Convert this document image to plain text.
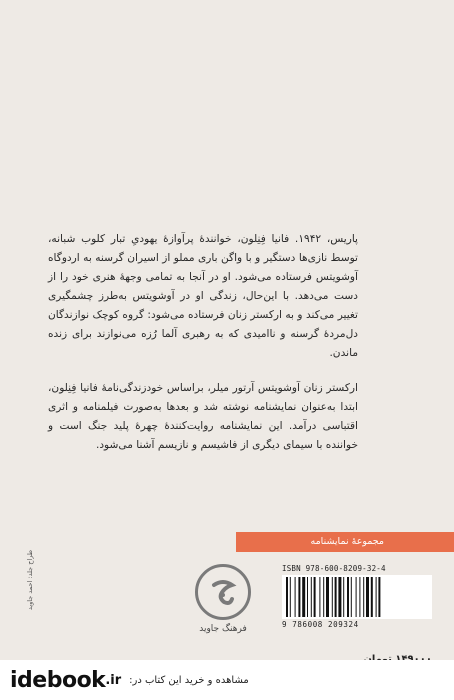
پاریس، ۱۹۴۲. فانیا فِنِلون، خوانندهٔ پرآوازهٔ یهودیِ تبار کلوب شبانه، توسط نازی‌ها دستگیر و با واگن باری مملو از اسیران گرسنه به اردوگاه آوشویتس فرستاده می‌شود. او در آنجا به تمامی وجههٔ هنری خود را از دست می‌دهد. با این‌حال، زندگی او در آوشویتس به‌طرز چشمگیری تغییر می‌کند و به ارکستر زنان فرستاده می‌شود: گروه کوچک نوازندگان دل‌مردهٔ گرسنه و ناامیدی که به رهبری آلما رُزه می‌نوازند برای زنده ماندن.

ارکستر زنان آوشویتس آرتور میلر، براساس خودزندگی‌نامهٔ فانیا فِنِلون، ابتدا به‌عنوان نمایشنامه نوشته شد و بعدها به‌صورت فیلمنامه و اثری اقتباسی درآمد. این نمایشنامه روایت‌کنندهٔ چهرهٔ پلید جنگ است و خواننده با سیمای دیگری از فاشیسم و نازیسم آشنا می‌شود.

مجموعهٔ نمایشنامه
طراح جلد: احمد جاوید
فرهنگ جاوید
ISBN 978-600-8209-32-4
9 786008 209324
idebook .ir مشاهده و خرید این کتاب در:
